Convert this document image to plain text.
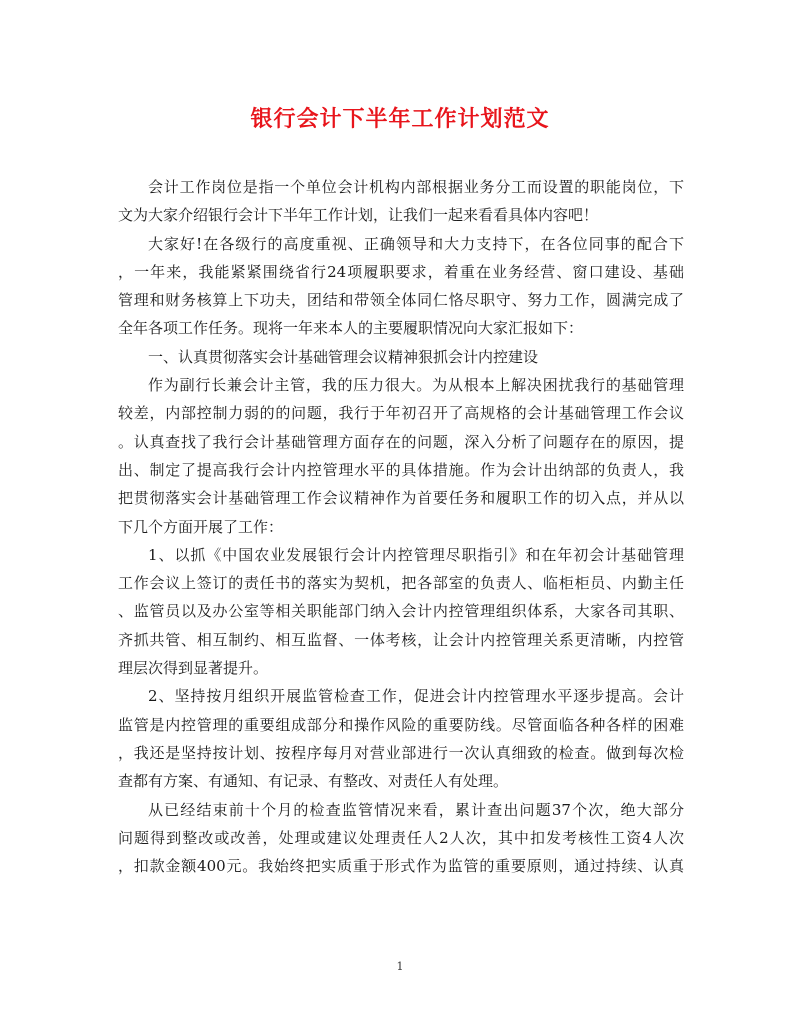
银行会计下半年工作计划范文
会计工作岗位是指一个单位会计机构内部根据业务分工而设置的职能岗位，下
文为大家介绍银行会计下半年工作计划，让我们一起来看看具体内容吧！
大家好!在各级行的高度重视、正确领导和大力支持下，在各位同事的配合下
，一年来，我能紧紧围绕省行24项履职要求，着重在业务经营、窗口建设、基础
管理和财务核算上下功夫，团结和带领全体同仁恪尽职守、努力工作，圆满完成了
全年各项工作任务。现将一年来本人的主要履职情况向大家汇报如下：
一、认真贯彻落实会计基础管理会议精神狠抓会计内控建设
作为副行长兼会计主管，我的压力很大。为从根本上解决困扰我行的基础管理
较差，内部控制力弱的的问题，我行于年初召开了高规格的会计基础管理工作会议
。认真查找了我行会计基础管理方面存在的问题，深入分析了问题存在的原因，提
出、制定了提高我行会计内控管理水平的具体措施。作为会计出纳部的负责人，我
把贯彻落实会计基础管理工作会议精神作为首要任务和履职工作的切入点，并从以
下几个方面开展了工作：
1、以抓《中国农业发展银行会计内控管理尽职指引》和在年初会计基础管理
工作会议上签订的责任书的落实为契机，把各部室的负责人、临柜柜员、内勤主任
、监管员以及办公室等相关职能部门纳入会计内控管理组织体系，大家各司其职、
齐抓共管、相互制约、相互监督、一体考核，让会计内控管理关系更清晰，内控管
理层次得到显著提升。
2、坚持按月组织开展监管检查工作，促进会计内控管理水平逐步提高。会计
监管是内控管理的重要组成部分和操作风险的重要防线。尽管面临各种各样的困难
，我还是坚持按计划、按程序每月对营业部进行一次认真细致的检查。做到每次检
查都有方案、有通知、有记录、有整改、对责任人有处理。
从已经结束前十个月的检查监管情况来看，累计查出问题37个次，绝大部分
问题得到整改或改善，处理或建议处理责任人2人次，其中扣发考核性工资4人次
，扣款金额400元。我始终把实质重于形式作为监管的重要原则，通过持续、认真
1
